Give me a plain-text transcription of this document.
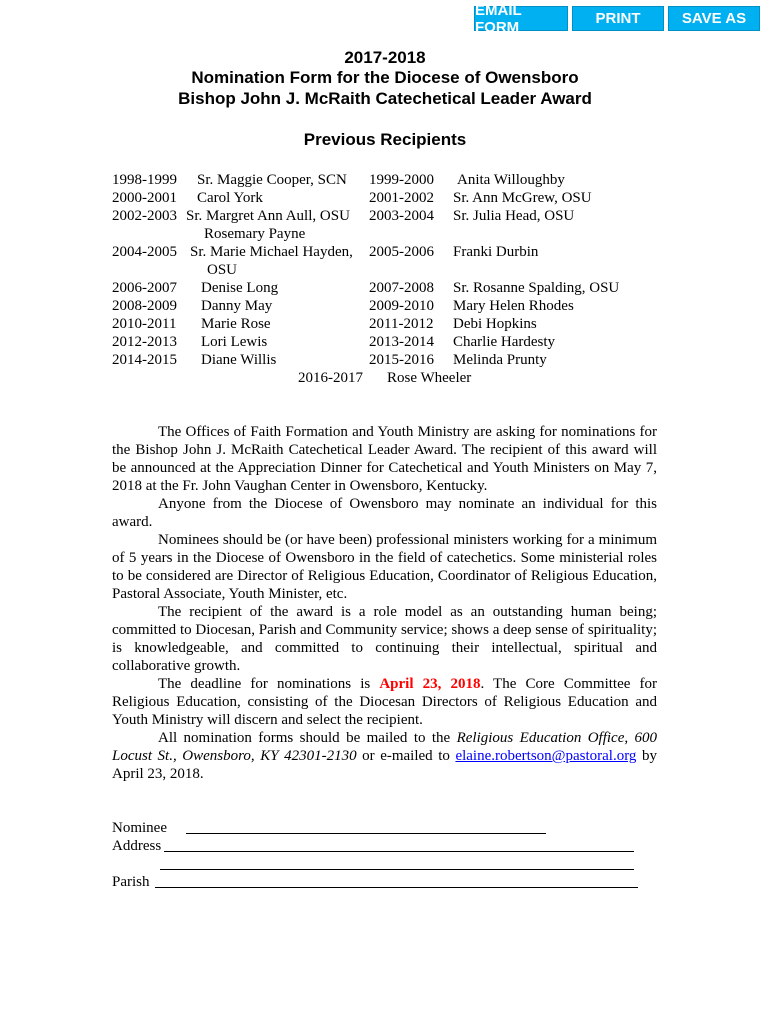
EMAIL FORM	PRINT	SAVE AS
2017-2018
Nomination Form for the Diocese of Owensboro
Bishop John J. McRaith Catechetical Leader Award
Previous Recipients
1998-1999 Sr. Maggie Cooper, SCN
2000-2001 Carol York
2002-2003 Sr. Margret Ann Aull, OSU
Rosemary Payne
2004-2005 Sr. Marie Michael Hayden,
OSU
2006-2007 Denise Long
2008-2009 Danny May
2010-2011 Marie Rose
2012-2013 Lori Lewis
2014-2015 Diane Willis
1999-2000 Anita Willoughby
2001-2002 Sr. Ann McGrew, OSU
2003-2004 Sr. Julia Head, OSU
2005-2006 Franki Durbin
2007-2008 Sr. Rosanne Spalding, OSU
2009-2010 Mary Helen Rhodes
2011-2012 Debi Hopkins
2013-2014 Charlie Hardesty
2015-2016 Melinda Prunty
2016-2017 Rose Wheeler

The Offices of Faith Formation and Youth Ministry are asking for nominations for the Bishop John J. McRaith Catechetical Leader Award. The recipient of this award will be announced at the Appreciation Dinner for Catechetical and Youth Ministers on May 7, 2018 at the Fr. John Vaughan Center in Owensboro, Kentucky.

Anyone from the Diocese of Owensboro may nominate an individual for this award.

Nominees should be (or have been) professional ministers working for a minimum of 5 years in the Diocese of Owensboro in the field of catechetics. Some ministerial roles to be considered are Director of Religious Education, Coordinator of Religious Education, Pastoral Associate, Youth Minister, etc.

The recipient of the award is a role model as an outstanding human being; committed to Diocesan, Parish and Community service; shows a deep sense of spirituality; is knowledgeable, and committed to continuing their intellectual, spiritual and collaborative growth.

The deadline for nominations is April 23, 2018. The Core Committee for Religious Education, consisting of the Diocesan Directors of Religious Education and Youth Ministry will discern and select the recipient.

All nomination forms should be mailed to the Religious Education Office, 600 Locust St., Owensboro, KY 42301-2130 or e-mailed to elaine.robertson@pastoral.org by April 23, 2018.

Nominee
Address
Parish
